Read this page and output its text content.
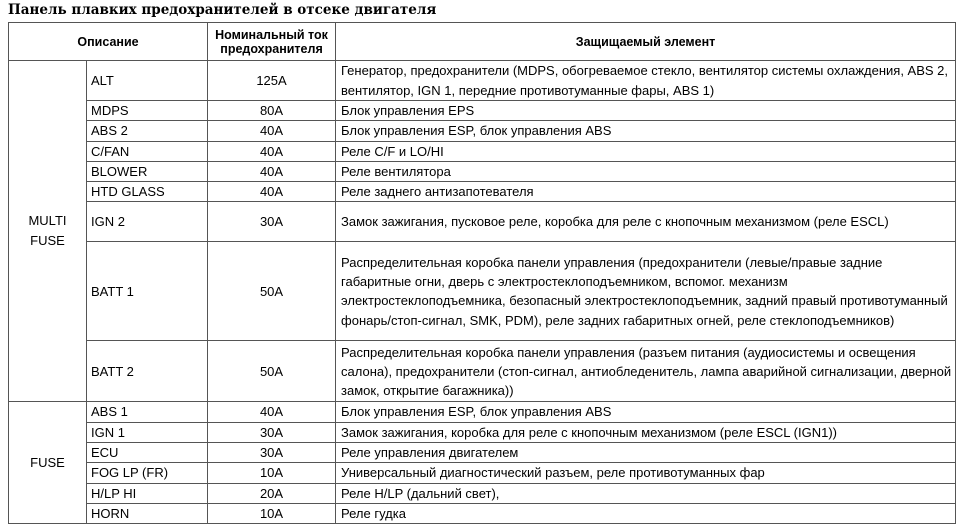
Панель плавких предохранителей в отсеке двигателя
Описание		Номинальный ток предохранителя	Защищаемый элемент
MULTI FUSE	ALT	125A	Генератор, предохранители (MDPS, обогреваемое стекло, вентилятор системы охлаждения, ABS 2, вентилятор, IGN 1, передние противотуманные фары, ABS 1)
	MDPS	80A	Блок управления EPS
	ABS 2	40A	Блок управления ESP, блок управления ABS
	C/FAN	40A	Реле C/F и LO/HI
	BLOWER	40A	Реле вентилятора
	HTD GLASS	40A	Реле заднего антизапотевателя
	IGN 2	30A	Замок зажигания, пусковое реле, коробка для реле с кнопочным механизмом (реле ESCL)
	BATT 1	50A	Распределительная коробка панели управления (предохранители (левые/правые задние габаритные огни, дверь с электростеклоподъемником, вспомог. механизм электростеклоподъемника, безопасный электростеклоподъемник, задний правый противотуманный фонарь/стоп-сигнал, SMK, PDM), реле задних габаритных огней, реле стеклоподъемников)
	BATT 2	50A	Распределительная коробка панели управления (разъем питания (аудиосистемы и освещения салона), предохранители (стоп-сигнал, антиобледенитель, лампа аварийной сигнализации, дверной замок, открытие багажника))
FUSE	ABS 1	40A	Блок управления ESP, блок управления ABS
	IGN 1	30A	Замок зажигания, коробка для реле с кнопочным механизмом (реле ESCL (IGN1))
	ECU	30A	Реле управления двигателем
	FOG LP (FR)	10A	Универсальный диагностический разъем, реле противотуманных фар
	H/LP HI	20A	Реле H/LP (дальний свет),
	HORN	10A	Реле гудка
